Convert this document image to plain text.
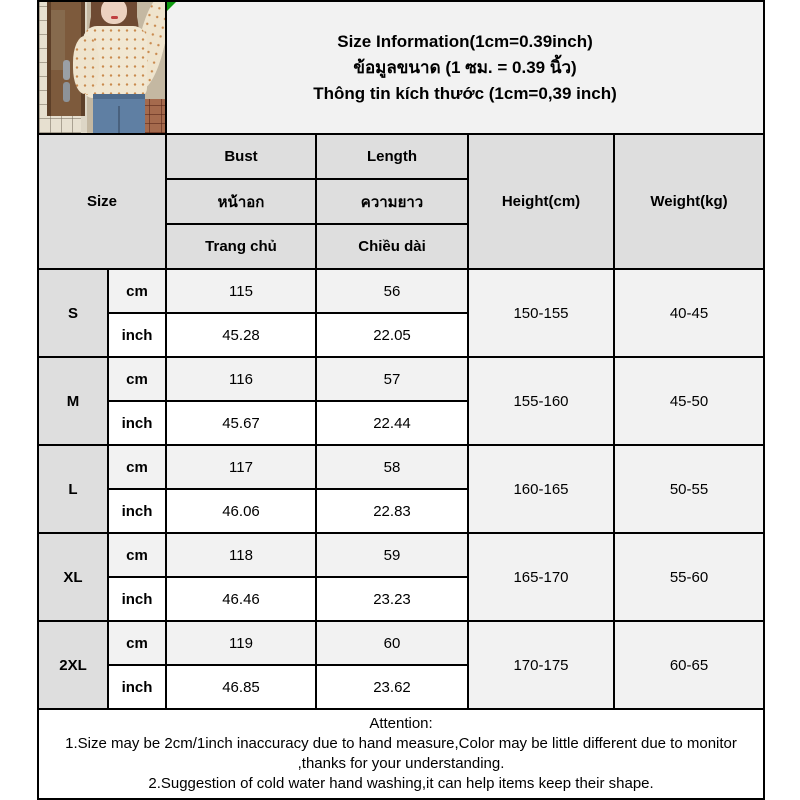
		Size Information(1cm=0.39inch)
ข้อมูลขนาด (1 ซม. = 0.39 นิ้ว)
Thông tin kích thước (1cm=0,39 inch)			

Size		Bust	Length	Height(cm)	Weight(kg)
		หน้าอก	ความยาว		
		Trang chủ	Chiều dài		
S	cm	115	56	150-155	40-45
	inch	45.28	22.05		
M	cm	116	57	155-160	45-50
	inch	45.67	22.44		
L	cm	117	58	160-165	50-55
	inch	46.06	22.83		
XL	cm	118	59	165-170	55-60
	inch	46.46	23.23		
2XL	cm	119	60	170-175	60-65
	inch	46.85	23.62		

Attention:
1.Size may be 2cm/1inch inaccuracy due to hand measure,Color may be little different due to monitor ,thanks for your understanding.
2.Suggestion of cold water hand washing,it can help items keep their shape.					
